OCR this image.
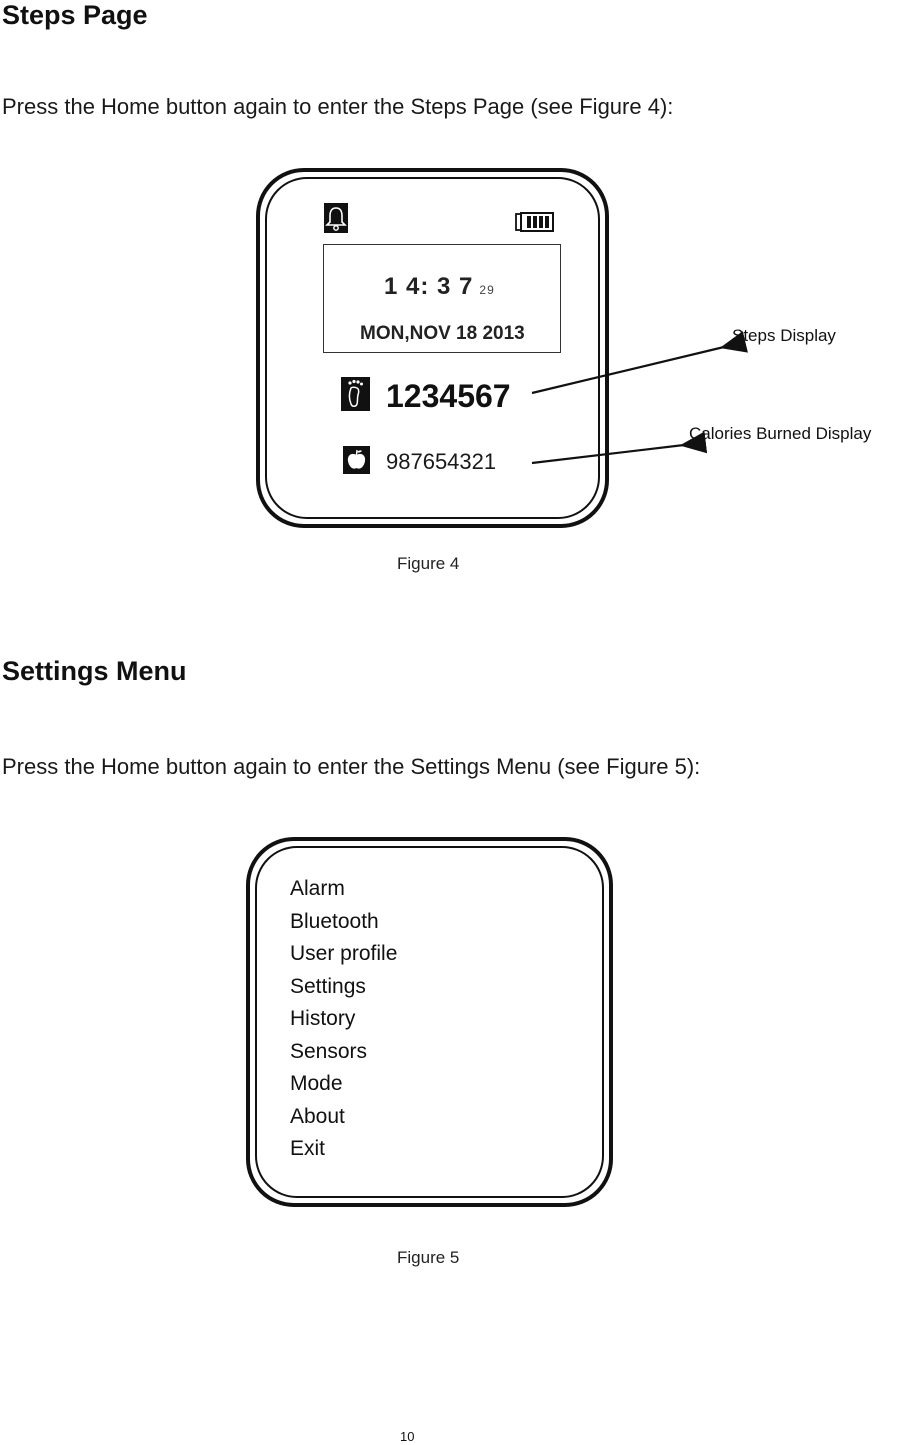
Steps Page

Press the Home button again to enter the Steps Page (see Figure 4):

1 4: 3 7 29
MON,NOV 18 2013
1234567
987654321
Steps Display
Calories Burned Display
Figure 4
Settings Menu

Press the Home button again to enter the Settings Menu (see Figure 5):

Alarm
Bluetooth
User profile
Settings
History
Sensors
Mode
About
Exit
Figure 5
10
